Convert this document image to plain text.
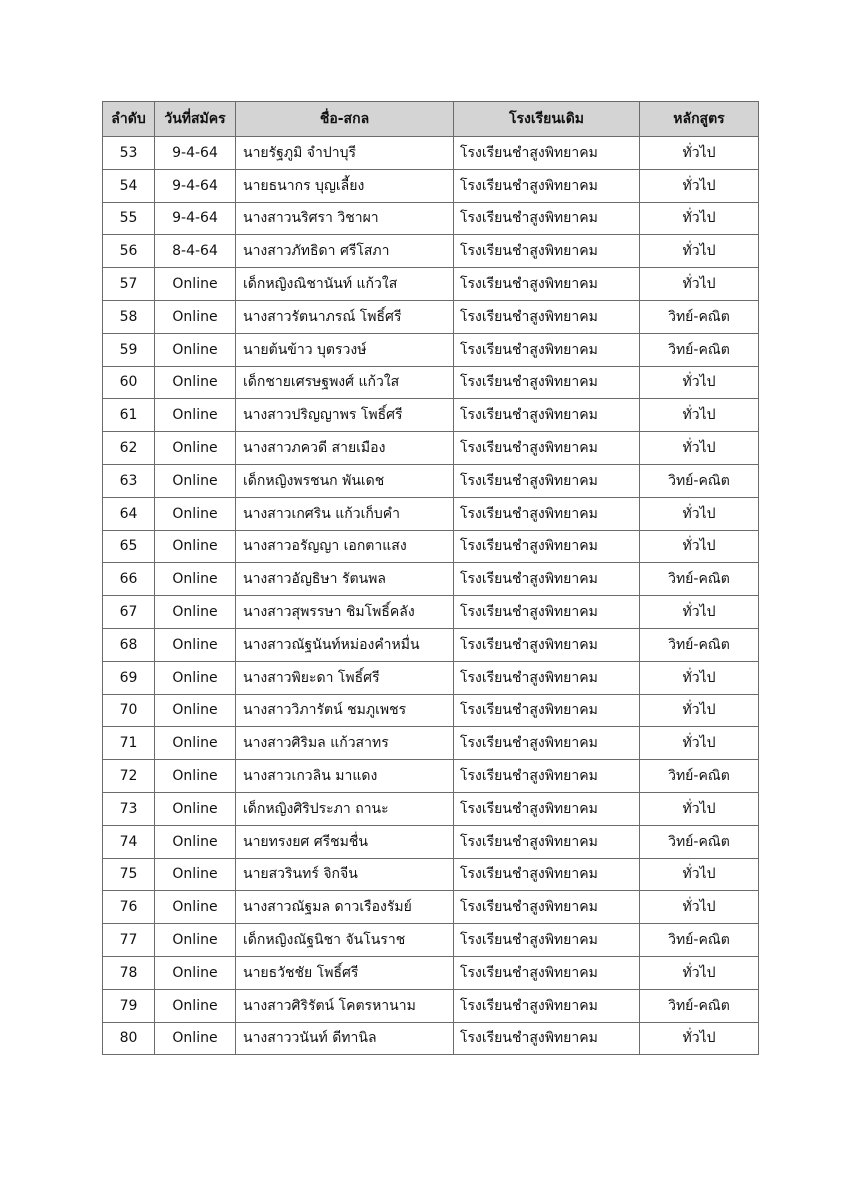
ลำดับ	วันที่สมัคร	ชื่อ-สกล	โรงเรียนเดิม	หลักสูตร
53	9-4-64	นายรัฐภูมิ จำปาบุรี	โรงเรียนชำสูงพิทยาคม	ทั่วไป
54	9-4-64	นายธนากร บุญเลี้ยง	โรงเรียนชำสูงพิทยาคม	ทั่วไป
55	9-4-64	นางสาวนริศรา วิชาผา	โรงเรียนชำสูงพิทยาคม	ทั่วไป
56	8-4-64	นางสาวภัทธิดา ศรีโสภา	โรงเรียนชำสูงพิทยาคม	ทั่วไป
57	Online	เด็กหญิงณิชานันท์ แก้วใส	โรงเรียนชำสูงพิทยาคม	ทั่วไป
58	Online	นางสาวรัตนาภรณ์ โพธิ์ศรี	โรงเรียนชำสูงพิทยาคม	วิทย์-คณิต
59	Online	นายต้นข้าว บุตรวงษ์	โรงเรียนชำสูงพิทยาคม	วิทย์-คณิต
60	Online	เด็กชายเศรษฐพงศ์ แก้วใส	โรงเรียนชำสูงพิทยาคม	ทั่วไป
61	Online	นางสาวปริญญาพร โพธิ์ศรี	โรงเรียนชำสูงพิทยาคม	ทั่วไป
62	Online	นางสาวภควดี สายเมือง	โรงเรียนชำสูงพิทยาคม	ทั่วไป
63	Online	เด็กหญิงพรชนก พันเดช	โรงเรียนชำสูงพิทยาคม	วิทย์-คณิต
64	Online	นางสาวเกศริน แก้วเก็บคำ	โรงเรียนชำสูงพิทยาคม	ทั่วไป
65	Online	นางสาวอรัญญา เอกตาแสง	โรงเรียนชำสูงพิทยาคม	ทั่วไป
66	Online	นางสาวอัญธิษา รัตนพล	โรงเรียนชำสูงพิทยาคม	วิทย์-คณิต
67	Online	นางสาวสุพรรษา ชิมโพธิ์คลัง	โรงเรียนชำสูงพิทยาคม	ทั่วไป
68	Online	นางสาวณัฐนันท์หม่องคำหมื่น	โรงเรียนชำสูงพิทยาคม	วิทย์-คณิต
69	Online	นางสาวพิยะดา โพธิ์ศรี	โรงเรียนชำสูงพิทยาคม	ทั่วไป
70	Online	นางสาววิภารัตน์ ชมภูเพชร	โรงเรียนชำสูงพิทยาคม	ทั่วไป
71	Online	นางสาวศิริมล แก้วสาทร	โรงเรียนชำสูงพิทยาคม	ทั่วไป
72	Online	นางสาวเกวลิน มาแดง	โรงเรียนชำสูงพิทยาคม	วิทย์-คณิต
73	Online	เด็กหญิงศิริประภา ถานะ	โรงเรียนชำสูงพิทยาคม	ทั่วไป
74	Online	นายทรงยศ ศรีชมชื่น	โรงเรียนชำสูงพิทยาคม	วิทย์-คณิต
75	Online	นายสวรินทร์ จิกจีน	โรงเรียนชำสูงพิทยาคม	ทั่วไป
76	Online	นางสาวณัฐมล ดาวเรืองรัมย์	โรงเรียนชำสูงพิทยาคม	ทั่วไป
77	Online	เด็กหญิงณัฐนิชา จันโนราช	โรงเรียนชำสูงพิทยาคม	วิทย์-คณิต
78	Online	นายธวัชชัย โพธิ์ศรี	โรงเรียนชำสูงพิทยาคม	ทั่วไป
79	Online	นางสาวศิริรัตน์ โคตรหานาม	โรงเรียนชำสูงพิทยาคม	วิทย์-คณิต
80	Online	นางสาววนันท์ ดีทานิล	โรงเรียนชำสูงพิทยาคม	ทั่วไป
